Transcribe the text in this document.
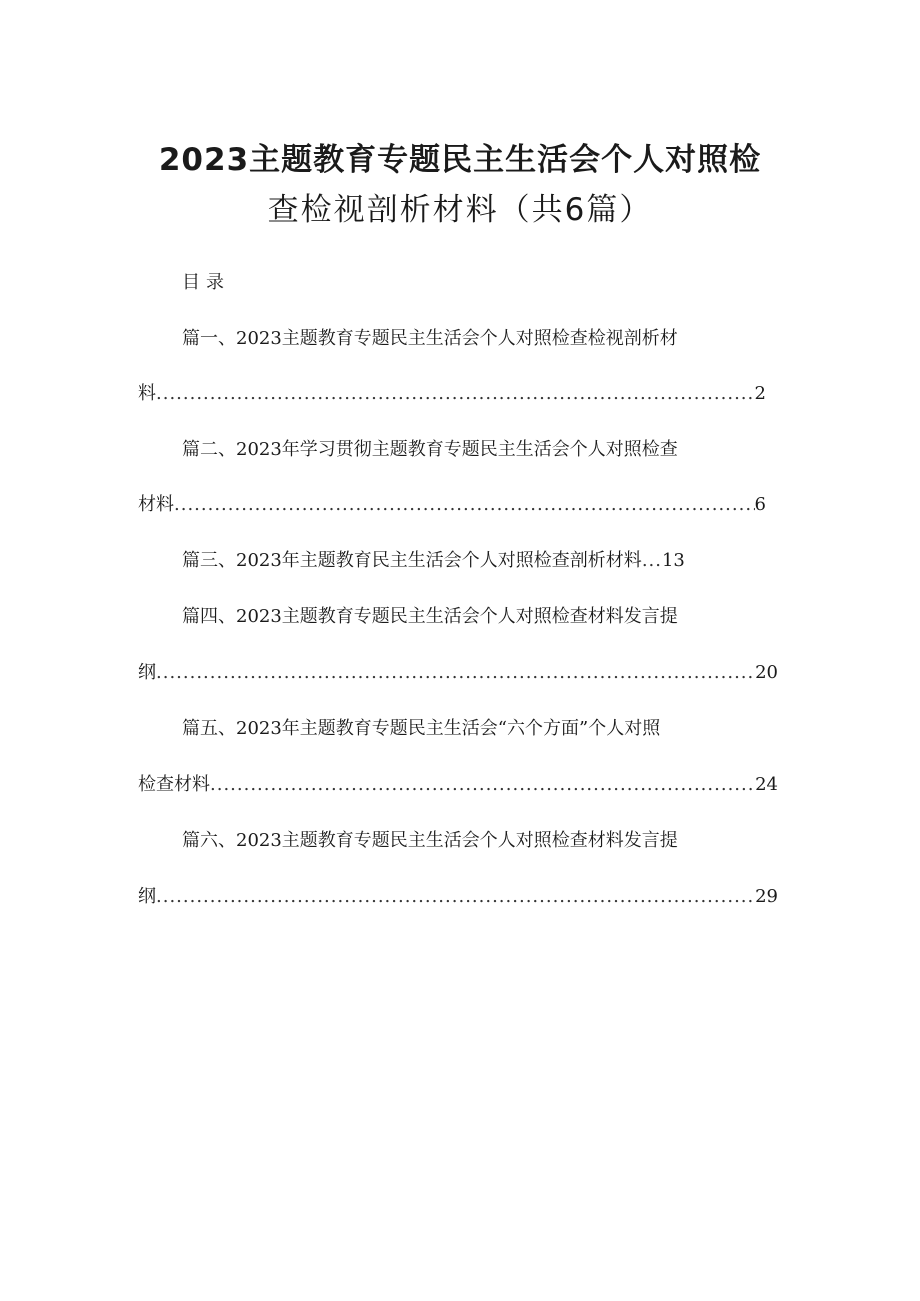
2023主题教育专题民主生活会个人对照检
查检视剖析材料（共6篇）
目录
篇一、2023主题教育专题民主生活会个人对照检查检视剖析材
料 .....	2
篇二、2023年学习贯彻主题教育专题民主生活会个人对照检查
材料 .....	6
篇三、2023年主题教育民主生活会个人对照检查剖析材料 ... 13
篇四、2023主题教育专题民主生活会个人对照检查材料发言提
纲 .....	20
篇五、2023年主题教育专题民主生活会“六个方面”个人对照
检查材料 .....	24
篇六、2023主题教育专题民主生活会个人对照检查材料发言提
纲 .....	29
